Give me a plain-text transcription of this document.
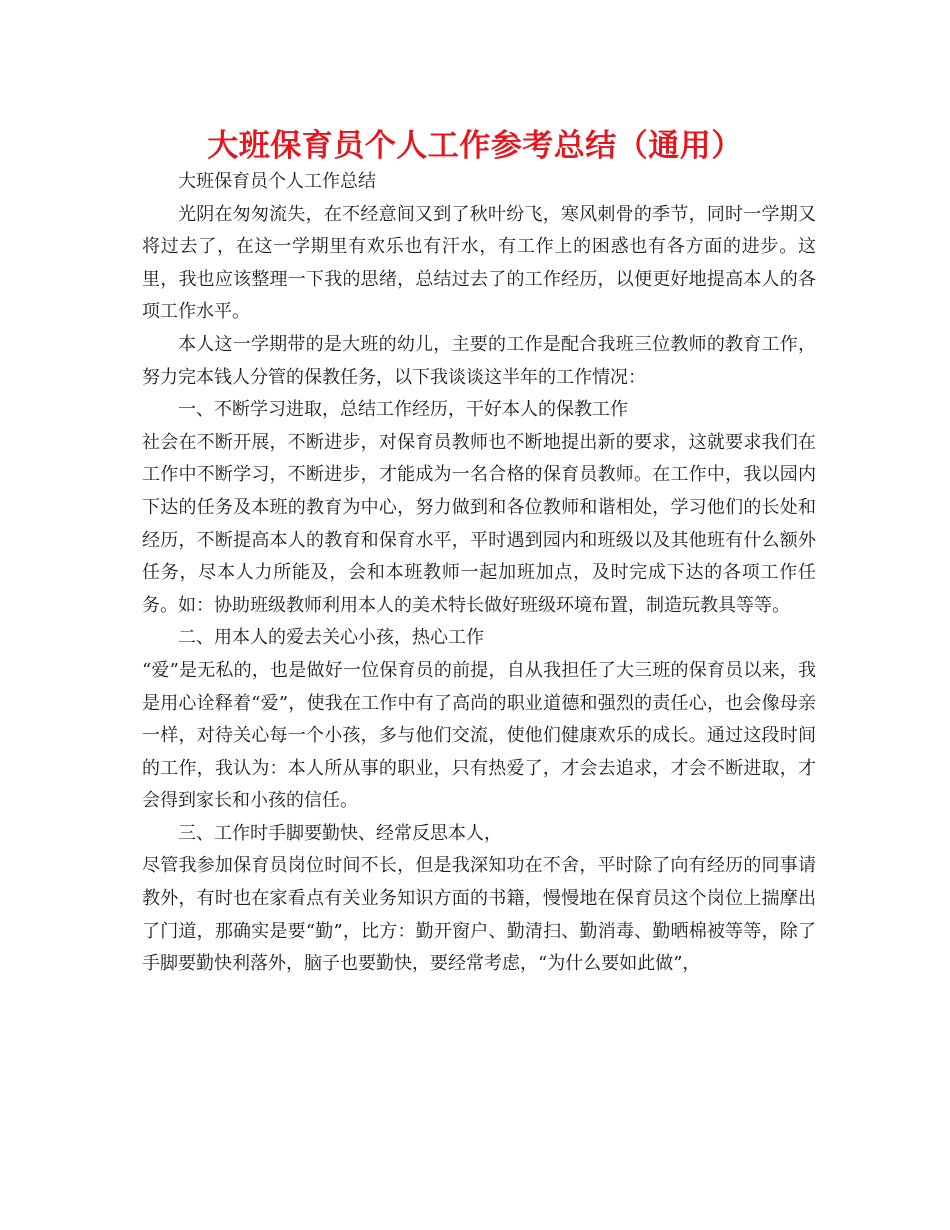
大班保育员个人工作参考总结（通用）

大班保育员个人工作总结

光阴在匆匆流失，在不经意间又到了秋叶纷飞，寒风刺骨的季节，同时一学期又将过去了，在这一学期里有欢乐也有汗水，有工作上的困惑也有各方面的进步。这里，我也应该整理一下我的思绪，总结过去了的工作经历，以便更好地提高本人的各项工作水平。

本人这一学期带的是大班的幼儿，主要的工作是配合我班三位教师的教育工作，努力完本钱人分管的保教任务，以下我谈谈这半年的工作情况：

一、不断学习进取，总结工作经历，干好本人的保教工作

社会在不断开展，不断进步，对保育员教师也不断地提出新的要求，这就要求我们在工作中不断学习，不断进步，才能成为一名合格的保育员教师。在工作中，我以园内下达的任务及本班的教育为中心，努力做到和各位教师和谐相处，学习他们的长处和经历，不断提高本人的教育和保育水平，平时遇到园内和班级以及其他班有什么额外任务，尽本人力所能及，会和本班教师一起加班加点，及时完成下达的各项工作任务。如：协助班级教师利用本人的美术特长做好班级环境布置，制造玩教具等等。

二、用本人的爱去关心小孩，热心工作

“爱”是无私的，也是做好一位保育员的前提，自从我担任了大三班的保育员以来，我是用心诠释着“爱”，使我在工作中有了高尚的职业道德和强烈的责任心，也会像母亲一样，对待关心每一个小孩，多与他们交流，使他们健康欢乐的成长。通过这段时间的工作，我认为：本人所从事的职业，只有热爱了，才会去追求，才会不断进取，才会得到家长和小孩的信任。

三、工作时手脚要勤快、经常反思本人，

尽管我参加保育员岗位时间不长，但是我深知功在不舍，平时除了向有经历的同事请教外，有时也在家看点有关业务知识方面的书籍，慢慢地在保育员这个岗位上揣摩出了门道，那确实是要“勤”，比方：勤开窗户、勤清扫、勤消毒、勤晒棉被等等，除了手脚要勤快利落外，脑子也要勤快，要经常考虑，“为什么要如此做”，
